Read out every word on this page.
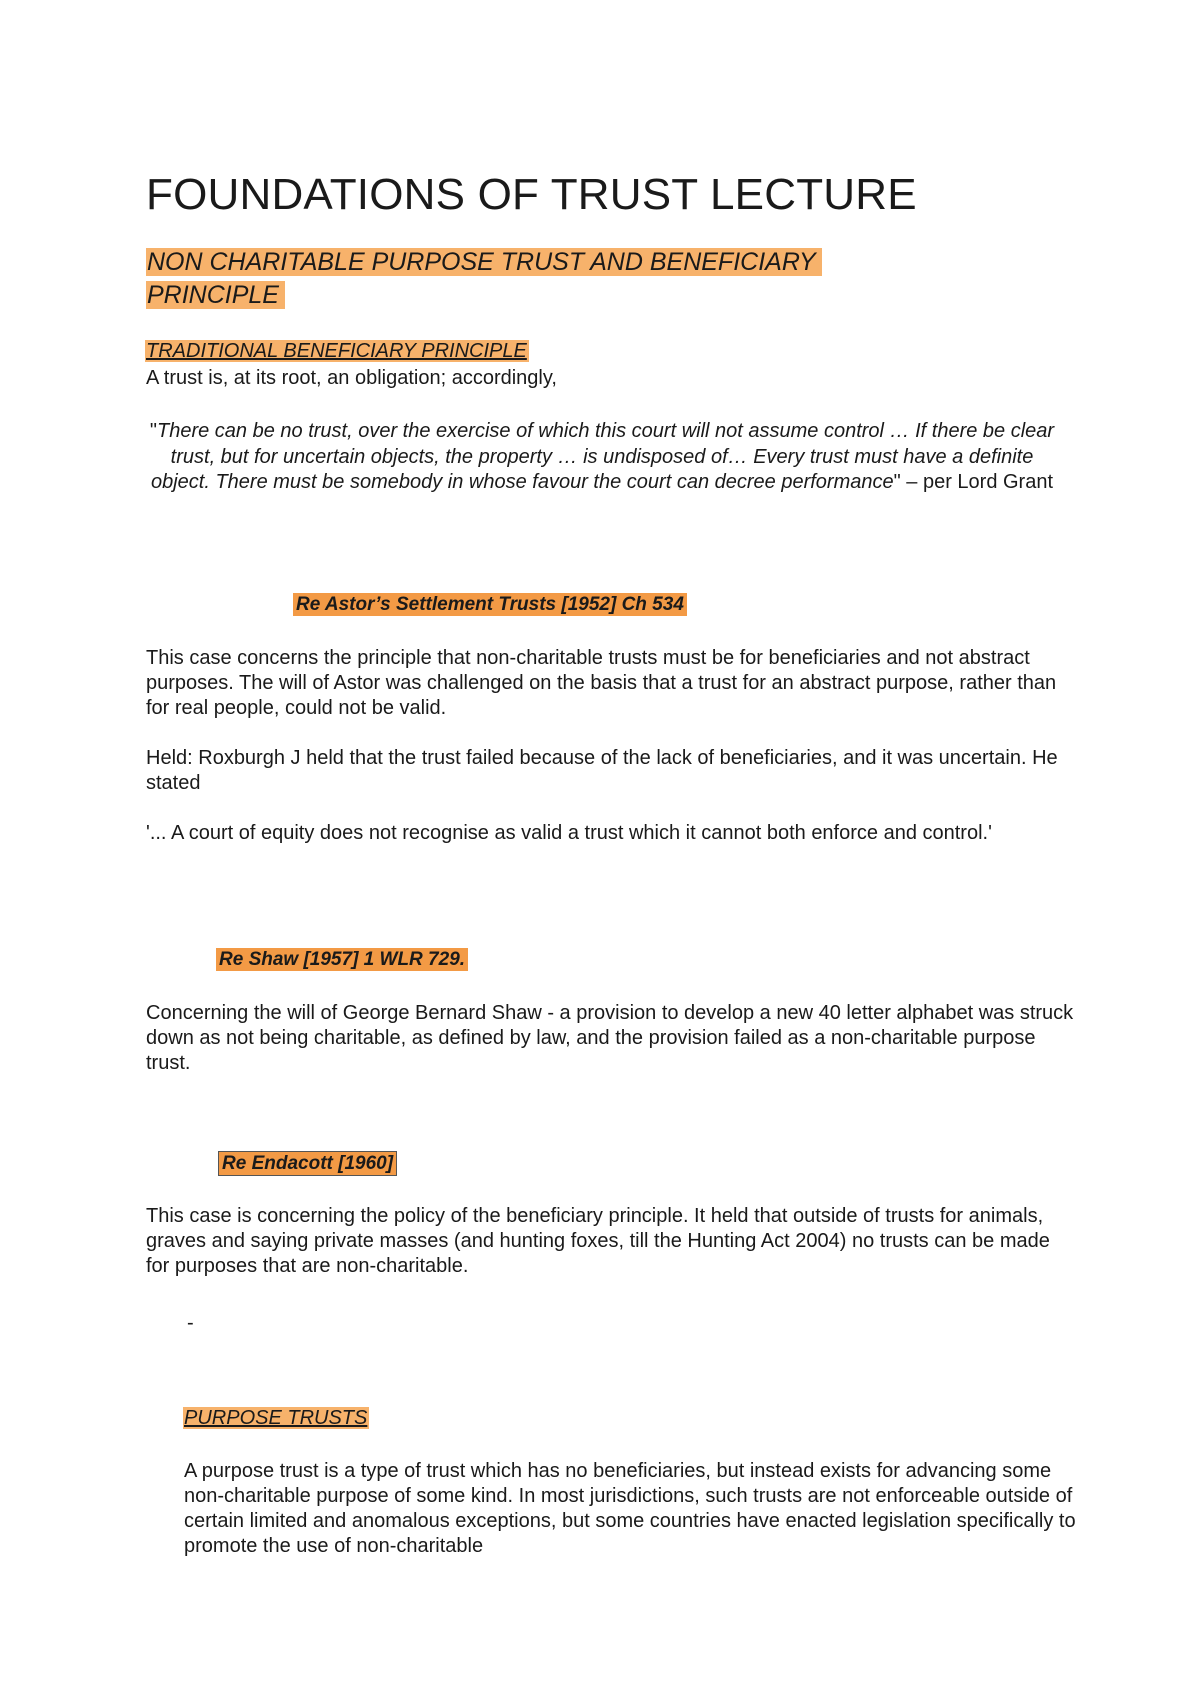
FOUNDATIONS OF TRUST LECTURE
NON CHARITABLE PURPOSE TRUST AND BENEFICIARY PRINCIPLE
TRADITIONAL BENEFICIARY PRINCIPLE

A trust is, at its root, an obligation; accordingly,

"There can be no trust, over the exercise of which this court will not assume control … If there be clear trust, but for uncertain objects, the property … is undisposed of… Every trust must have a definite object. There must be somebody in whose favour the court can decree performance" – per Lord Grant

Re Astor’s Settlement Trusts [1952] Ch 534

This case concerns the principle that non-charitable trusts must be for beneficiaries and not abstract purposes. The will of Astor was challenged on the basis that a trust for an abstract purpose, rather than for real people, could not be valid.

Held: Roxburgh J held that the trust failed because of the lack of beneficiaries, and it was uncertain. He stated

'... A court of equity does not recognise as valid a trust which it cannot both enforce and control.'

Re Shaw [1957] 1 WLR 729.

Concerning the will of George Bernard Shaw - a provision to develop a new 40 letter alphabet was struck down as not being charitable, as defined by law, and the provision failed as a non-charitable purpose trust.

Re Endacott [1960]

This case is concerning the policy of the beneficiary principle. It held that outside of trusts for animals, graves and saying private masses (and hunting foxes, till the Hunting Act 2004) no trusts can be made for purposes that are non-charitable.

-
PURPOSE TRUSTS

A purpose trust is a type of trust which has no beneficiaries, but instead exists for advancing some non-charitable purpose of some kind. In most jurisdictions, such trusts are not enforceable outside of certain limited and anomalous exceptions, but some countries have enacted legislation specifically to promote the use of non-charitable
